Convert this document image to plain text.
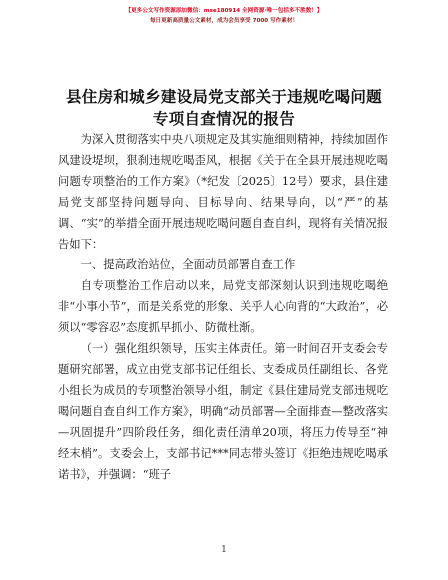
【更多公文写作资源添加微信：mse180914 全网资源·唯一包括多不胜数！】
每日更新高质量公文素材，成为会员享受 7000 写作素材！
县住房和城乡建设局党支部关于违规吃喝问题
专项自查情况的报告

为深入贯彻落实中央八项规定及其实施细则精神，持续加固作风建设堤坝，狠刹违规吃喝歪风，根据《关于在全县开展违规吃喝问题专项整治的工作方案》（*纪发〔2025〕12号）要求，县住建局党支部坚持问题导向、目标导向、结果导向，以“严”的基调、“实”的举措全面开展违规吃喝问题自查自纠，现将有关情况报告如下：

一、提高政治站位，全面动员部署自查工作

自专项整治工作启动以来，局党支部深刻认识到违规吃喝绝非“小事小节”，而是关系党的形象、关乎人心向背的“大政治”，必须以“零容忍”态度抓早抓小、防微杜渐。

（一）强化组织领导，压实主体责任。第一时间召开支委会专题研究部署，成立由党支部书记任组长、支委成员任副组长、各党小组长为成员的专项整治领导小组，制定《县住建局党支部违规吃喝问题自查自纠工作方案》，明确“动员部署—全面排查—整改落实—巩固提升”四阶段任务，细化责任清单20项，将压力传导至“神经末梢”。支委会上，支部书记***同志带头签订《拒绝违规吃喝承诺书》，并强调：“班子

1
